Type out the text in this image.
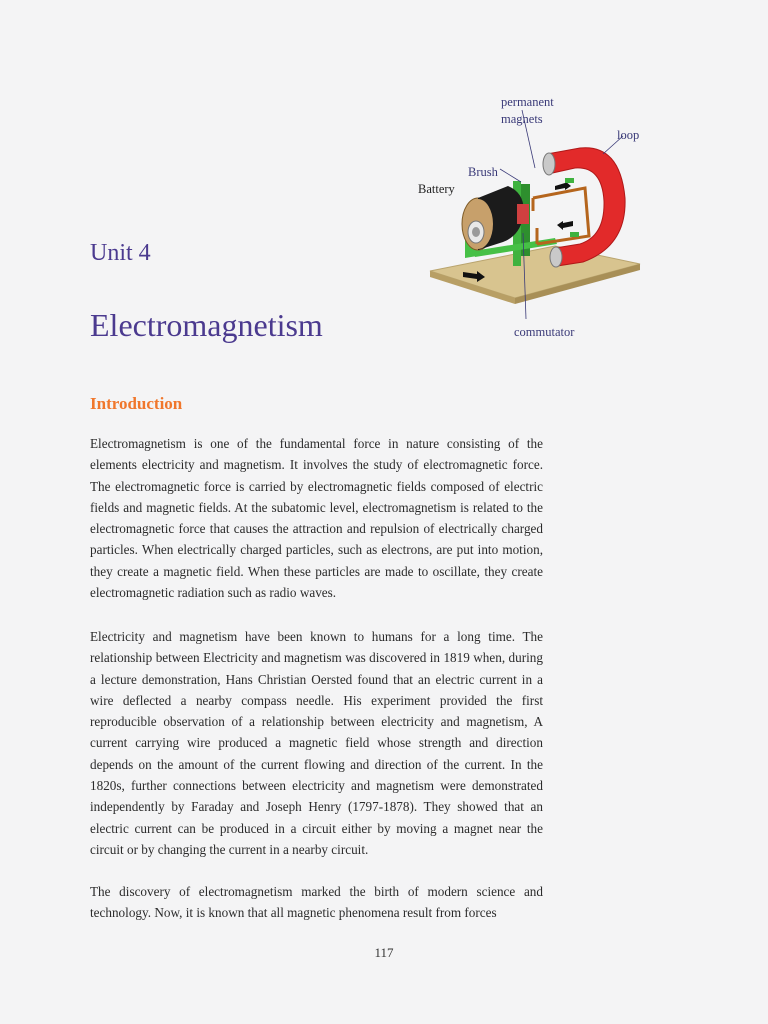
permanent
magnets
loop
Brush
Battery
commutator
Unit 4
Electromagnetism
Introduction

Electromagnetism is one of the fundamental force in nature consisting of the elements electricity and magnetism. It involves the study of electromagnetic force. The electromagnetic force is carried by electromagnetic fields composed of electric fields and magnetic fields. At the subatomic level, electromagnetism is related to the electromagnetic force that causes the attraction and repulsion of electrically charged particles. When electrically charged particles, such as electrons, are put into motion, they create a magnetic field. When these particles are made to oscillate, they create electromagnetic radiation such as radio waves.

Electricity and magnetism have been known to humans for a long time. The relationship between Electricity and magnetism was discovered in 1819 when, during a lecture demonstration, Hans Christian Oersted found that an electric current in a wire deflected a nearby compass needle. His experiment provided the first reproducible observation of a relationship between electricity and magnetism, A current carrying wire produced a magnetic field whose strength and direction depends on the amount of the current flowing and direction of the current. In the 1820s, further connections between electricity and magnetism were demonstrated independently by Faraday and Joseph Henry (1797-1878). They showed that an electric current can be produced in a circuit either by moving a magnet near the circuit or by changing the current in a nearby circuit.

The discovery of electromagnetism marked the birth of modern science and technology. Now, it is known that all magnetic phenomena result from forces

117
